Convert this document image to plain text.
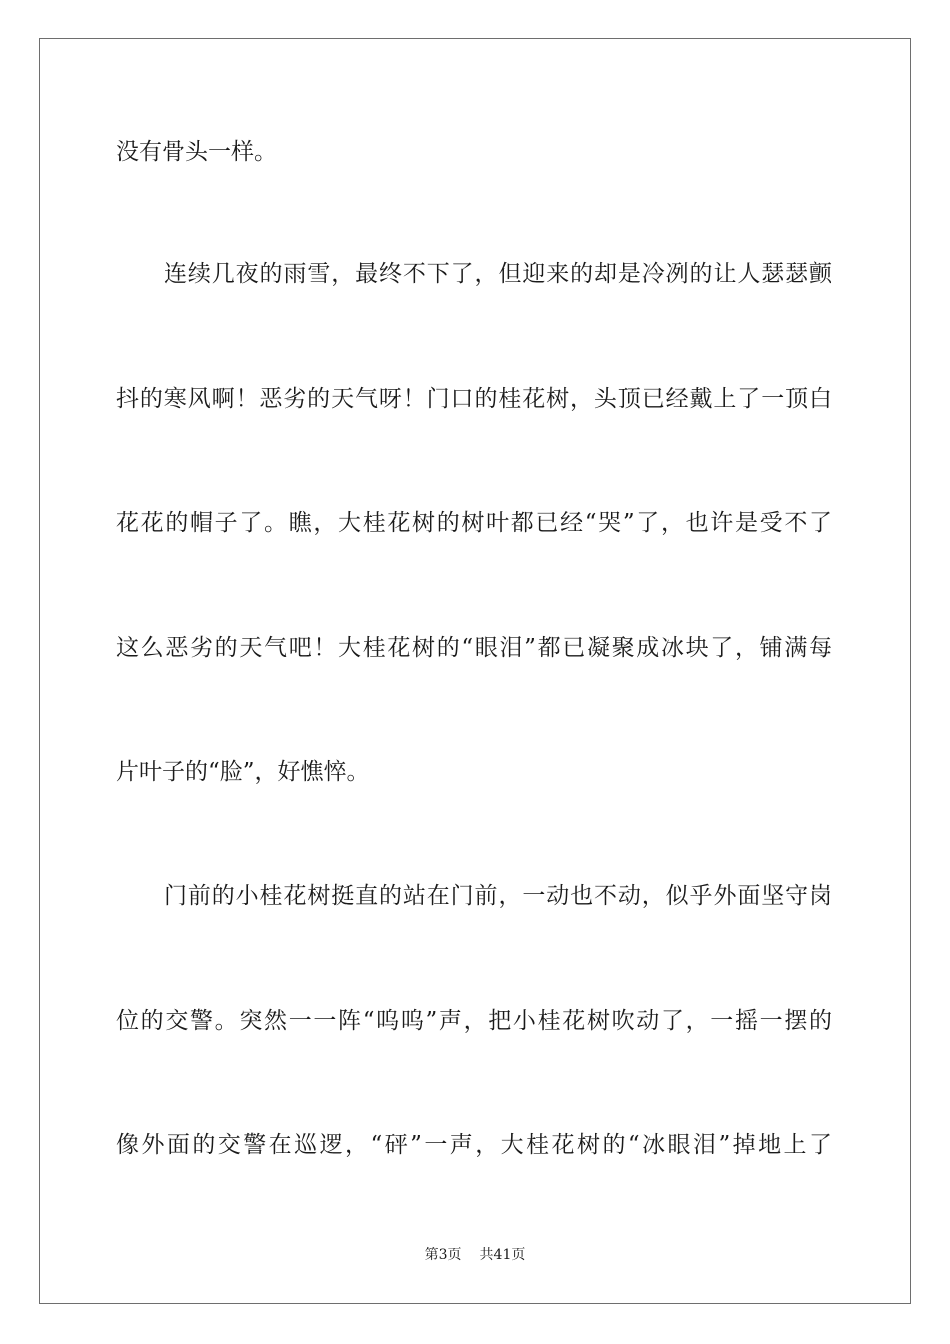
没有骨头一样。

连续几夜的雨雪，最终不下了，但迎来的却是冷冽的让人瑟瑟颤

抖的寒风啊！恶劣的天气呀！门口的桂花树，头顶已经戴上了一顶白

花花的帽子了。瞧，大桂花树的树叶都已经“哭”了，也许是受不了

这么恶劣的天气吧！大桂花树的“眼泪”都已凝聚成冰块了，铺满每

片叶子的“脸”，好憔悴。

门前的小桂花树挺直的站在门前，一动也不动，似乎外面坚守岗

位的交警。突然一一阵“呜呜”声，把小桂花树吹动了，一摇一摆的

像外面的交警在巡逻，“砰”一声，大桂花树的“冰眼泪”掉地上了

第3页 共41页
